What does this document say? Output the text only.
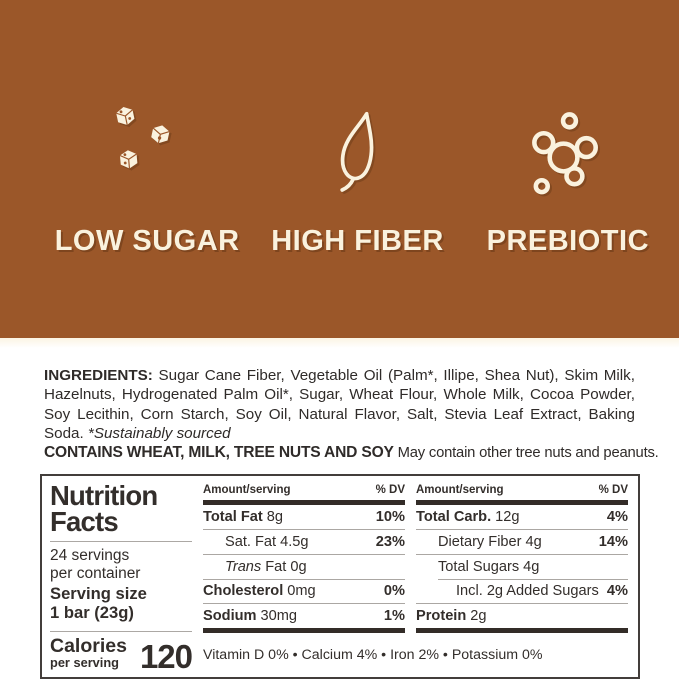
LOW SUGAR HIGH FIBER PREBIOTIC

INGREDIENTS: Sugar Cane Fiber, Vegetable Oil (Palm*, Illipe, Shea Nut), Skim Milk, Hazelnuts, Hydrogenated Palm Oil*, Sugar, Wheat Flour, Whole Milk, Cocoa Powder, Soy Lecithin, Corn Starch, Soy Oil, Natural Flavor, Salt, Stevia Leaf Extract, Baking Soda. *Sustainably sourced

CONTAINS WHEAT, MILK, TREE NUTS AND SOY May contain other tree nuts and peanuts.

Nutrition
Facts
24 servings
per container
Serving size
1 bar (23g)
Calories
per serving 120
Amount/serving	% DV
Total Fat 8g	10%
Sat. Fat 4.5g	23%
Trans Fat 0g
Cholesterol 0mg	0%
Sodium 30mg	1%
Amount/serving	% DV
Total Carb. 12g	4%
Dietary Fiber 4g	14%
Total Sugars 4g
Incl. 2g Added Sugars 4%
Protein 2g
Vitamin D 0% • Calcium 4% • Iron 2% • Potassium 0%
